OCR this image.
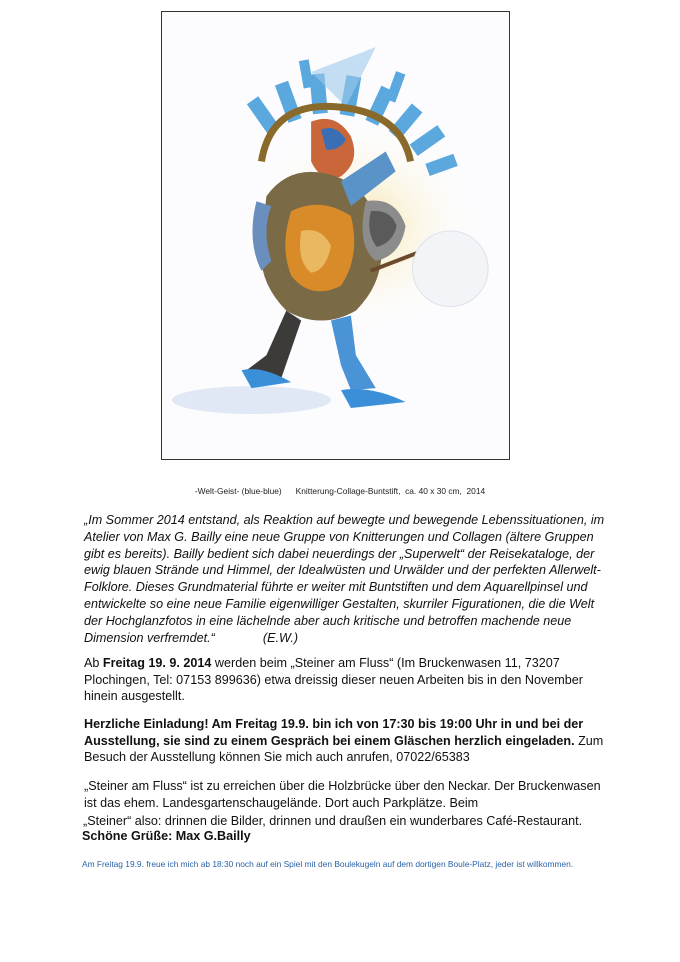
-Welt-Geist- (blue-blue)      Knitterung-Collage-Buntstift,  ca. 40 x 30 cm,  2014
„Im Sommer 2014 entstand, als Reaktion auf bewegte und bewegende Lebenssituationen, im Atelier von Max G. Bailly eine neue Gruppe von Knitterungen und Collagen (ältere Gruppen gibt es bereits). Bailly bedient sich dabei neuerdings der „Superwelt“ der Reisekataloge, der ewig blauen Strände und Himmel, der Idealwüsten und Urwälder und der perfekten Allerwelt-Folklore. Dieses Grundmaterial führte er weiter mit Buntstiften und dem Aquarellpinsel und entwickelte so eine neue Familie eigenwilliger Gestalten, skurriler Figurationen, die die Welt der Hochglanzfotos in eine lächelnde aber auch kritische und betroffen machende neue Dimension verfremdet.“	(E.W.)
Ab Freitag 19. 9. 2014 werden beim „Steiner am Fluss“ (Im Bruckenwasen 11, 73207 Plochingen, Tel: 07153 899636) etwa dreissig dieser neuen Arbeiten bis in den November hinein ausgestellt.
Herzliche Einladung! Am Freitag 19.9. bin ich von 17:30 bis 19:00 Uhr in und bei der Ausstellung, sie sind zu einem Gespräch bei einem Gläschen herzlich eingeladen. Zum Besuch der Ausstellung können Sie mich auch anrufen, 07022/65383
„Steiner am Fluss“ ist zu erreichen über die Holzbrücke über den Neckar. Der Bruckenwasen ist das ehem. Landesgartenschaugelände. Dort auch Parkplätze. Beim
„Steiner“ also: drinnen die Bilder, drinnen und draußen ein wunderbares Café-Restaurant.
Schöne Grüße: Max G.Bailly
Am Freitag 19.9. freue ich mich ab 18:30 noch auf ein Spiel mit den Boulekugeln auf dem dortigen Boule-Platz, jeder ist willkommen.
